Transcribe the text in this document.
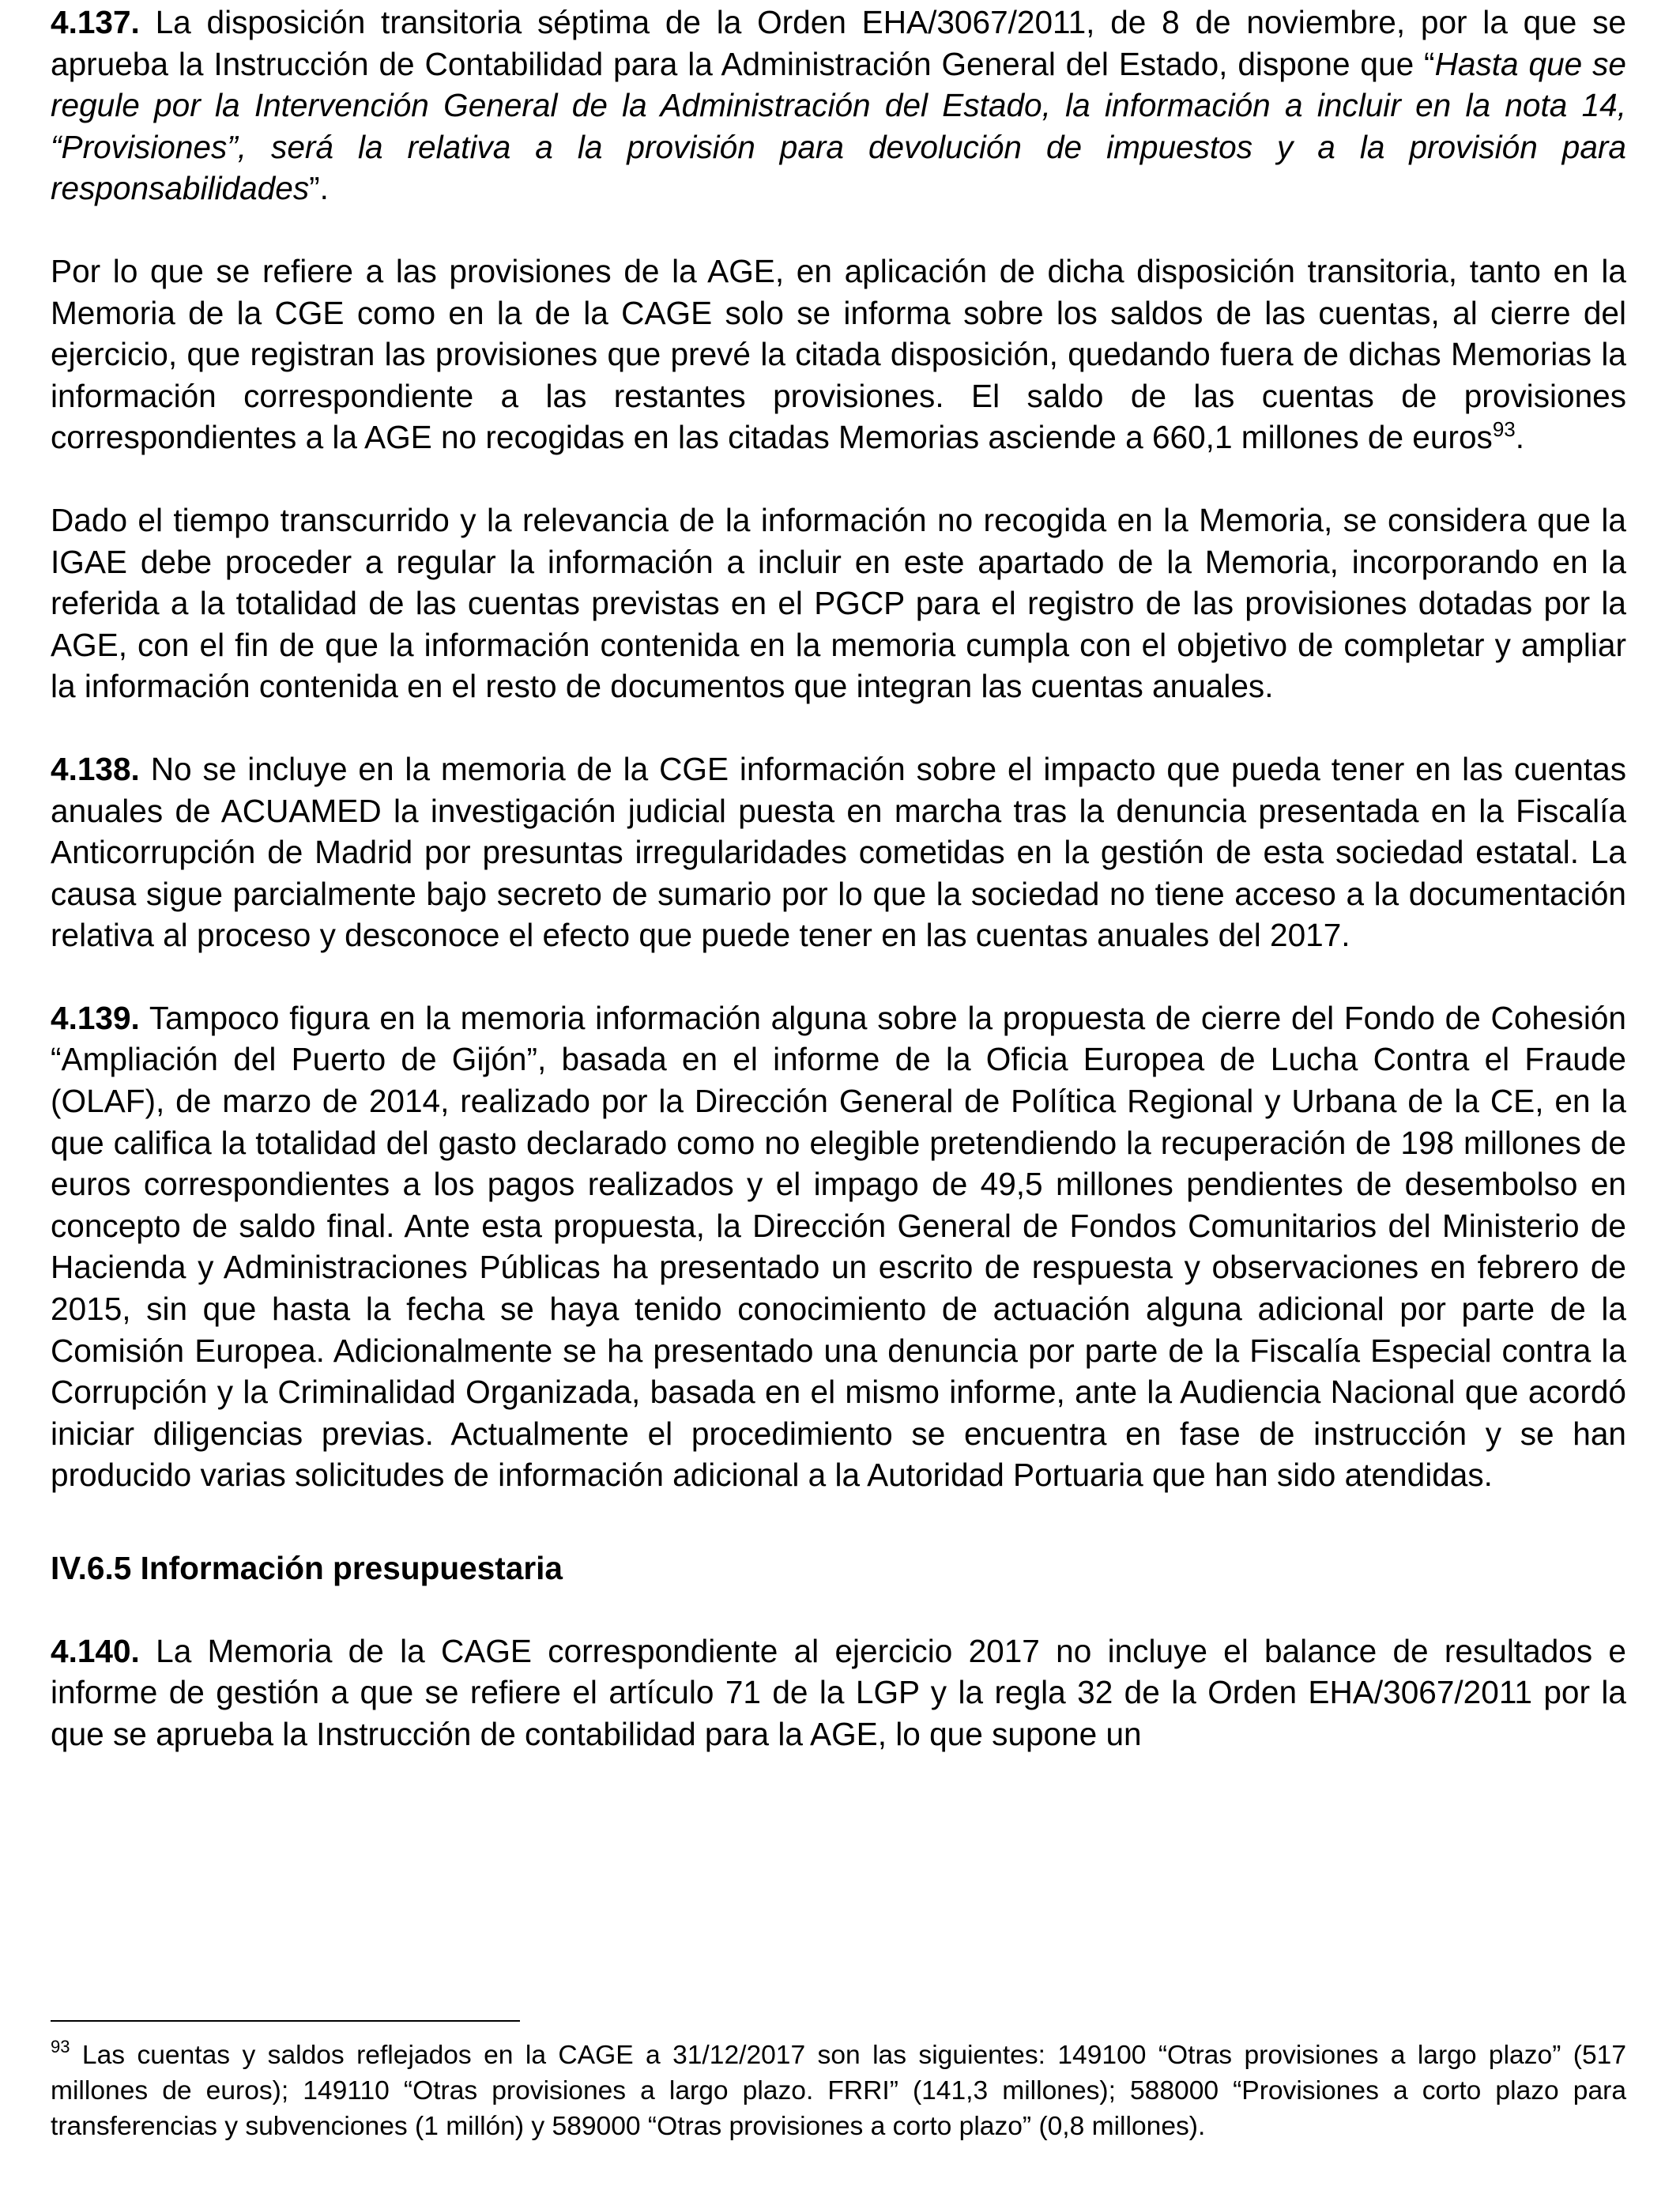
4.137. La disposición transitoria séptima de la Orden EHA/3067/2011, de 8 de noviembre, por la que se aprueba la Instrucción de Contabilidad para la Administración General del Estado, dispone que “Hasta que se regule por la Intervención General de la Administración del Estado, la información a incluir en la nota 14, “Provisiones”, será la relativa a la provisión para devolución de impuestos y a la provisión para responsabilidades”.

Por lo que se refiere a las provisiones de la AGE, en aplicación de dicha disposición transitoria, tanto en la Memoria de la CGE como en la de la CAGE solo se informa sobre los saldos de las cuentas, al cierre del ejercicio, que registran las provisiones que prevé la citada disposición, quedando fuera de dichas Memorias la información correspondiente a las restantes provisiones. El saldo de las cuentas de provisiones correspondientes a la AGE no recogidas en las citadas Memorias asciende a 660,1 millones de euros$^{93}$.

Dado el tiempo transcurrido y la relevancia de la información no recogida en la Memoria, se considera que la IGAE debe proceder a regular la información a incluir en este apartado de la Memoria, incorporando en la referida a la totalidad de las cuentas previstas en el PGCP para el registro de las provisiones dotadas por la AGE, con el fin de que la información contenida en la memoria cumpla con el objetivo de completar y ampliar la información contenida en el resto de documentos que integran las cuentas anuales.

4.138. No se incluye en la memoria de la CGE información sobre el impacto que pueda tener en las cuentas anuales de ACUAMED la investigación judicial puesta en marcha tras la denuncia presentada en la Fiscalía Anticorrupción de Madrid por presuntas irregularidades cometidas en la gestión de esta sociedad estatal. La causa sigue parcialmente bajo secreto de sumario por lo que la sociedad no tiene acceso a la documentación relativa al proceso y desconoce el efecto que puede tener en las cuentas anuales del 2017.

4.139. Tampoco figura en la memoria información alguna sobre la propuesta de cierre del Fondo de Cohesión “Ampliación del Puerto de Gijón”, basada en el informe de la Oficia Europea de Lucha Contra el Fraude (OLAF), de marzo de 2014, realizado por la Dirección General de Política Regional y Urbana de la CE, en la que califica la totalidad del gasto declarado como no elegible pretendiendo la recuperación de 198 millones de euros correspondientes a los pagos realizados y el impago de 49,5 millones pendientes de desembolso en concepto de saldo final. Ante esta propuesta, la Dirección General de Fondos Comunitarios del Ministerio de Hacienda y Administraciones Públicas ha presentado un escrito de respuesta y observaciones en febrero de 2015, sin que hasta la fecha se haya tenido conocimiento de actuación alguna adicional por parte de la Comisión Europea. Adicionalmente se ha presentado una denuncia por parte de la Fiscalía Especial contra la Corrupción y la Criminalidad Organizada, basada en el mismo informe, ante la Audiencia Nacional que acordó iniciar diligencias previas. Actualmente el procedimiento se encuentra en fase de instrucción y se han producido varias solicitudes de información adicional a la Autoridad Portuaria que han sido atendidas.

IV.6.5 Información presupuestaria

4.140. La Memoria de la CAGE correspondiente al ejercicio 2017 no incluye el balance de resultados e informe de gestión a que se refiere el artículo 71 de la LGP y la regla 32 de la Orden EHA/3067/2011 por la que se aprueba la Instrucción de contabilidad para la AGE, lo que supone un

$^{93}$ Las cuentas y saldos reflejados en la CAGE a 31/12/2017 son las siguientes: 149100 “Otras provisiones a largo plazo” (517 millones de euros); 149110 “Otras provisiones a largo plazo. FRRI” (141,3 millones); 588000 “Provisiones a corto plazo para transferencias y subvenciones (1 millón) y 589000 “Otras provisiones a corto plazo” (0,8 millones).
